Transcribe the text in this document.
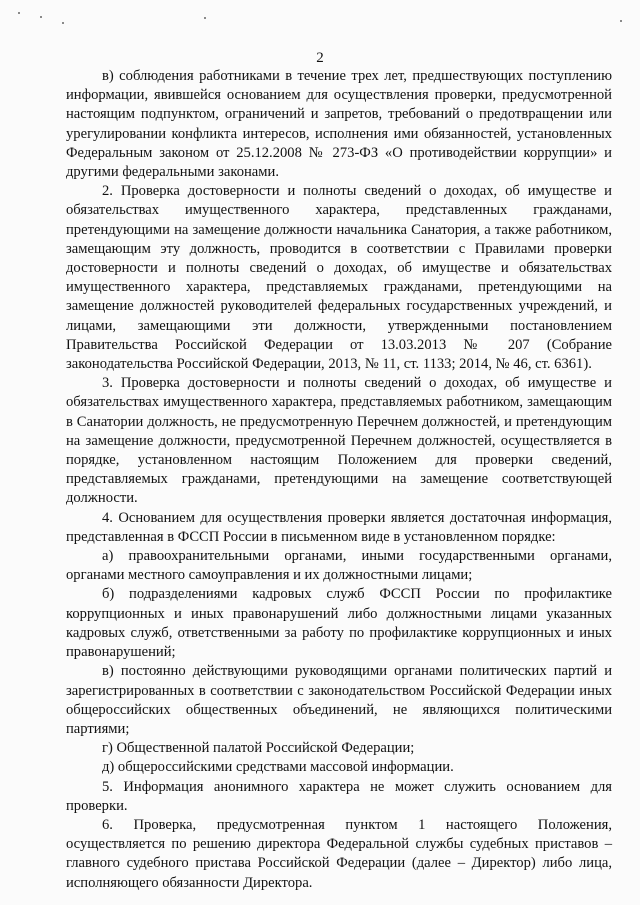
2

в) соблюдения работниками в течение трех лет, предшествующих поступлению информации, явившейся основанием для осуществления проверки, предусмотренной настоящим подпунктом, ограничений и запретов, требований о предотвращении или урегулировании конфликта интересов, исполнения ими обязанностей, установленных Федеральным законом от 25.12.2008 № 273-ФЗ «О противодействии коррупции» и другими федеральными законами.

2. Проверка достоверности и полноты сведений о доходах, об имуществе и обязательствах имущественного характера, представленных гражданами, претендующими на замещение должности начальника Санатория, а также работником, замещающим эту должность, проводится в соответствии с Правилами проверки достоверности и полноты сведений о доходах, об имуществе и обязательствах имущественного характера, представляемых гражданами, претендующими на замещение должностей руководителей федеральных государственных учреждений, и лицами, замещающими эти должности, утвержденными постановлением Правительства Российской Федерации от 13.03.2013 № 207 (Собрание законодательства Российской Федерации, 2013, № 11, ст. 1133; 2014, № 46, ст. 6361).

3. Проверка достоверности и полноты сведений о доходах, об имуществе и обязательствах имущественного характера, представляемых работником, замещающим в Санатории должность, не предусмотренную Перечнем должностей, и претендующим на замещение должности, предусмотренной Перечнем должностей, осуществляется в порядке, установленном настоящим Положением для проверки сведений, представляемых гражданами, претендующими на замещение соответствующей должности.

4. Основанием для осуществления проверки является достаточная информация, представленная в ФССП России в письменном виде в установленном порядке:

а) правоохранительными органами, иными государственными органами, органами местного самоуправления и их должностными лицами;

б) подразделениями кадровых служб ФССП России по профилактике коррупционных и иных правонарушений либо должностными лицами указанных кадровых служб, ответственными за работу по профилактике коррупционных и иных правонарушений;

в) постоянно действующими руководящими органами политических партий и зарегистрированных в соответствии с законодательством Российской Федерации иных общероссийских общественных объединений, не являющихся политическими партиями;

г) Общественной палатой Российской Федерации;

д) общероссийскими средствами массовой информации.

5. Информация анонимного характера не может служить основанием для проверки.

6. Проверка, предусмотренная пунктом 1 настоящего Положения, осуществляется по решению директора Федеральной службы судебных приставов – главного судебного пристава Российской Федерации (далее – Директор) либо лица, исполняющего обязанности Директора.
